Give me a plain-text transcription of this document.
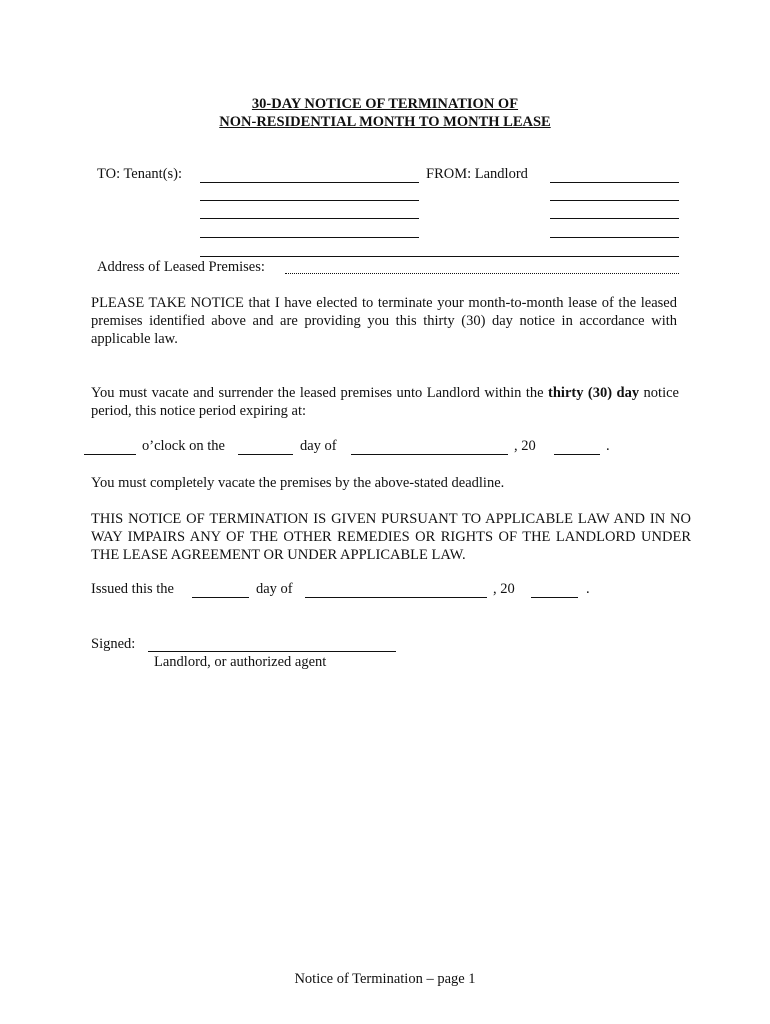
30-DAY NOTICE OF TERMINATION OF
NON-RESIDENTIAL MONTH TO MONTH LEASE
TO: Tenant(s):	FROM: Landlord
Address of Leased Premises:
PLEASE TAKE NOTICE that I have elected to terminate your month-to-month lease of the leased premises identified above and are providing you this thirty (30) day notice in accordance with applicable law.
You must vacate and surrender the leased premises unto Landlord within the thirty (30) day notice period, this notice period expiring at:
o’clock on the	day of	, 20	.
You must completely vacate the premises by the above-stated deadline.
THIS NOTICE OF TERMINATION IS GIVEN PURSUANT TO APPLICABLE LAW AND IN NO WAY IMPAIRS ANY OF THE OTHER REMEDIES OR RIGHTS OF THE LANDLORD UNDER THE LEASE AGREEMENT OR UNDER APPLICABLE LAW.
Issued this the	day of	, 20	.
Signed:
Landlord, or authorized agent
Notice of Termination – page 1
